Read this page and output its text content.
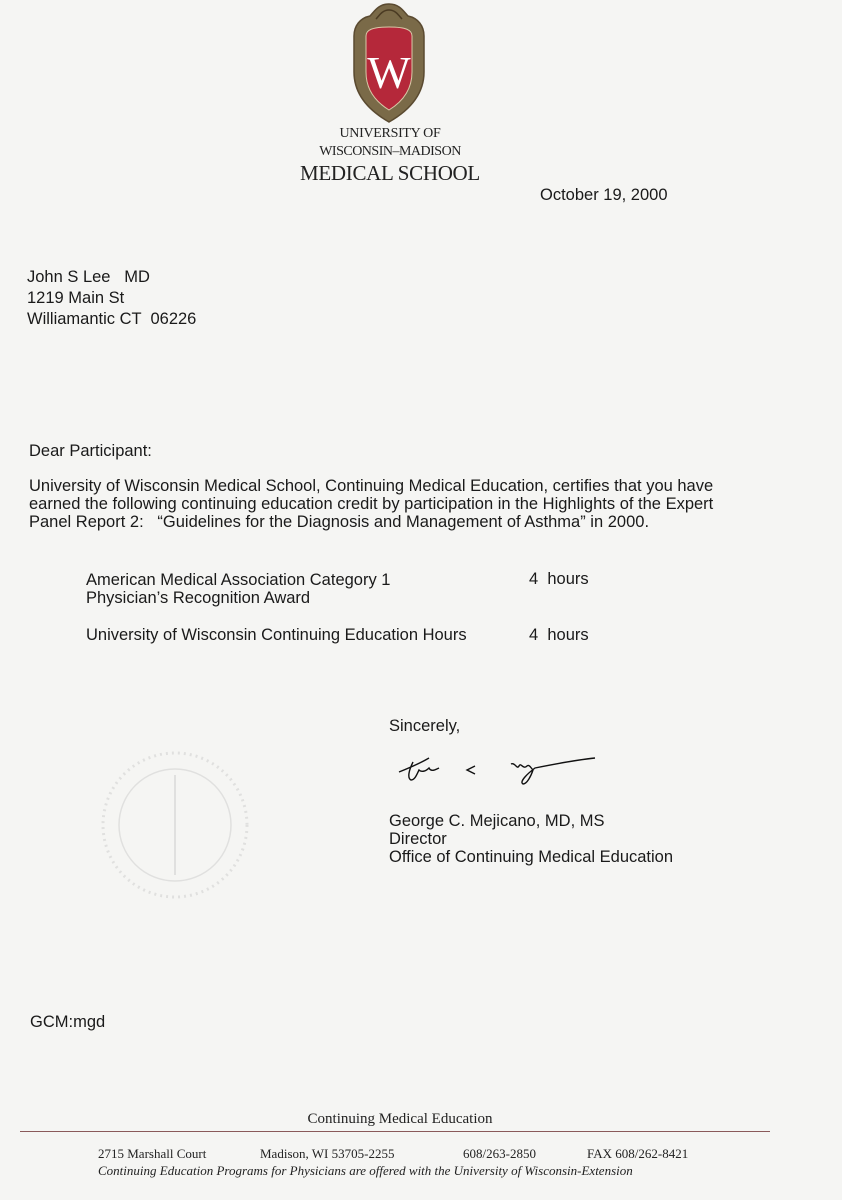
W
UNIVERSITY OF
WISCONSIN–MADISON
MEDICAL SCHOOL
October 19, 2000
John S Lee   MD
1219 Main St
Williamantic CT  06226
Dear Participant:
University of Wisconsin Medical School, Continuing Medical Education, certifies that you have
earned the following continuing education credit by participation in the Highlights of the Expert
Panel Report 2:   “Guidelines for the Diagnosis and Management of Asthma” in 2000.
American Medical Association Category 1
Physician’s Recognition Award
4  hours
University of Wisconsin Continuing Education Hours	4  hours
Sincerely,
George C. Mejicano, MD, MS
Director
Office of Continuing Medical Education
GCM:mgd
Continuing Medical Education
2715 Marshall Court	Madison, WI 53705-2255	608/263-2850	FAX 608/262-8421
Continuing Education Programs for Physicians are offered with the University of Wisconsin-Extension
